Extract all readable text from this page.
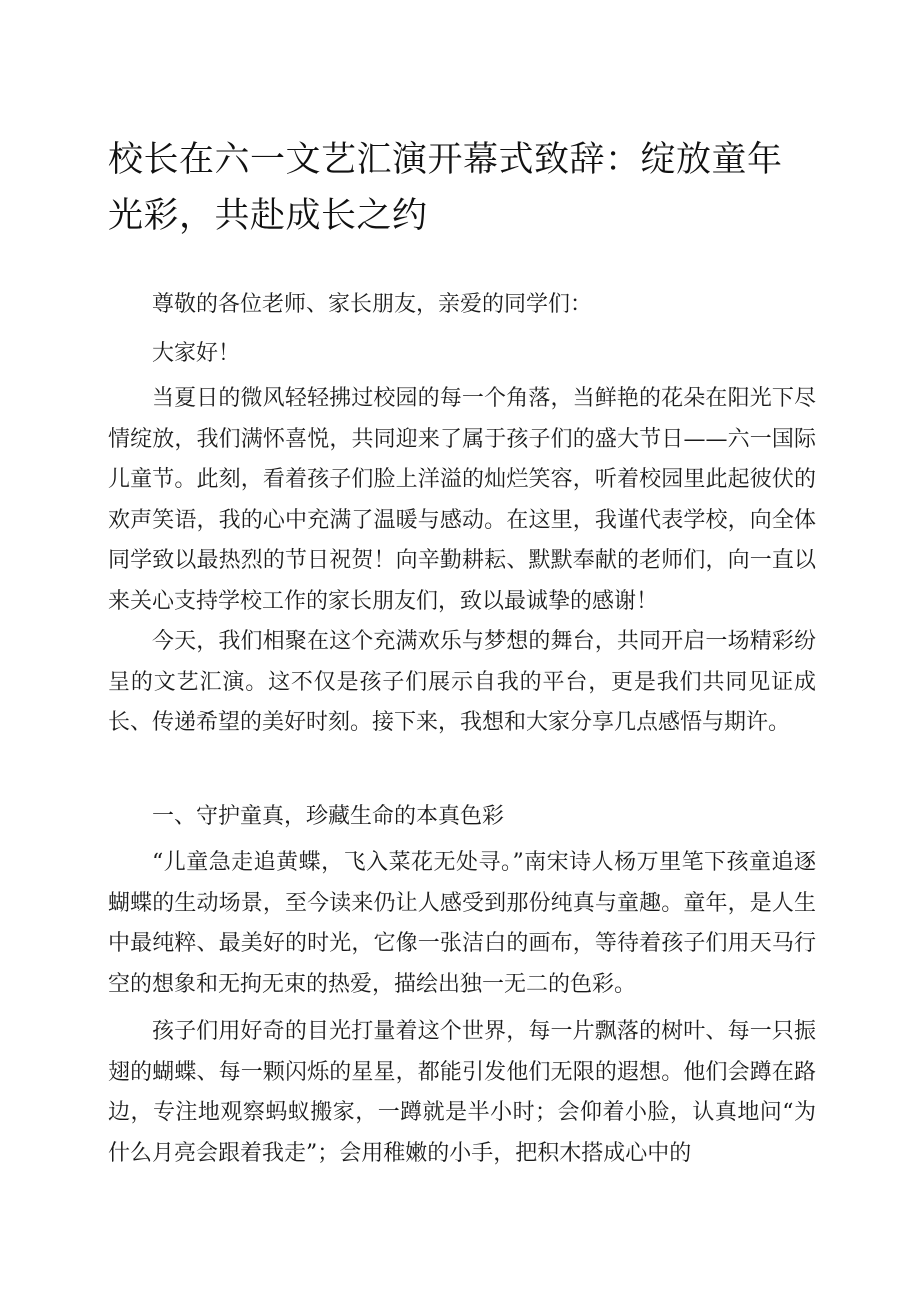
校长在六一文艺汇演开幕式致辞：绽放童年光彩，共赴成长之约

尊敬的各位老师、家长朋友，亲爱的同学们：

大家好！

当夏日的微风轻轻拂过校园的每一个角落，当鲜艳的花朵在阳光下尽情绽放，我们满怀喜悦，共同迎来了属于孩子们的盛大节日——六一国际儿童节。此刻，看着孩子们脸上洋溢的灿烂笑容，听着校园里此起彼伏的欢声笑语，我的心中充满了温暖与感动。在这里，我谨代表学校，向全体同学致以最热烈的节日祝贺！向辛勤耕耘、默默奉献的老师们，向一直以来关心支持学校工作的家长朋友们，致以最诚挚的感谢！

今天，我们相聚在这个充满欢乐与梦想的舞台，共同开启一场精彩纷呈的文艺汇演。这不仅是孩子们展示自我的平台，更是我们共同见证成长、传递希望的美好时刻。接下来，我想和大家分享几点感悟与期许。

一、守护童真，珍藏生命的本真色彩

“儿童急走追黄蝶，飞入菜花无处寻。”南宋诗人杨万里笔下孩童追逐蝴蝶的生动场景，至今读来仍让人感受到那份纯真与童趣。童年，是人生中最纯粹、最美好的时光，它像一张洁白的画布，等待着孩子们用天马行空的想象和无拘无束的热爱，描绘出独一无二的色彩。

孩子们用好奇的目光打量着这个世界，每一片飘落的树叶、每一只振翅的蝴蝶、每一颗闪烁的星星，都能引发他们无限的遐想。他们会蹲在路边，专注地观察蚂蚁搬家，一蹲就是半小时；会仰着小脸，认真地问“为什么月亮会跟着我走”；会用稚嫩的小手，把积木搭成心中的
